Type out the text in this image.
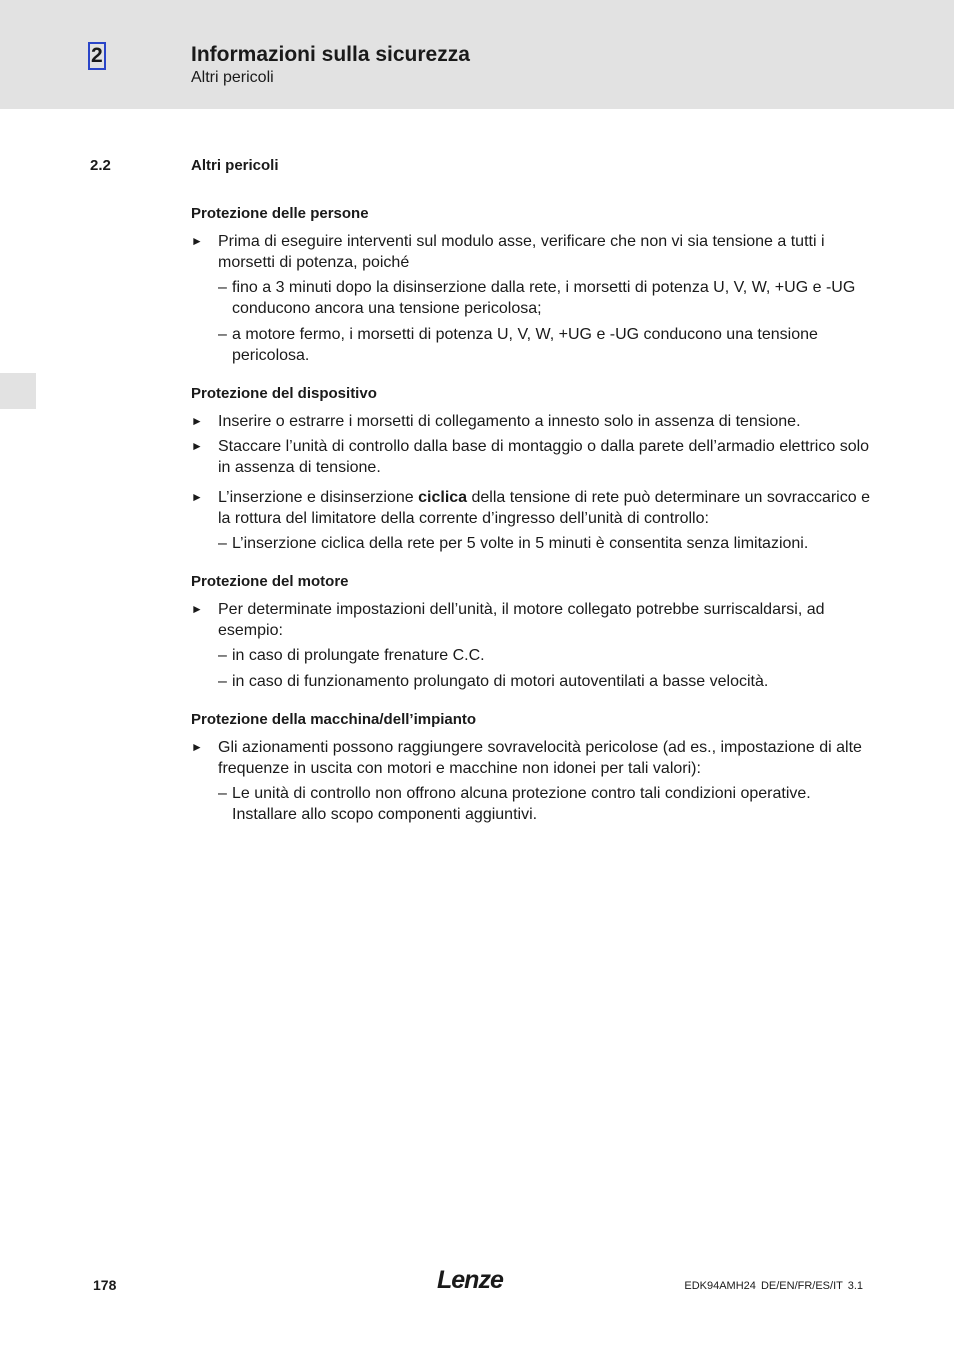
2	Informazioni sulla sicurezza
Altri pericoli
2.2	Altri pericoli
Protezione delle persone
► Prima di eseguire interventi sul modulo asse, verificare che non vi sia tensione a tutti i morsetti di potenza, poiché
– fino a 3 minuti dopo la disinserzione dalla rete, i morsetti di potenza U, V, W, +UG e -UG conducono ancora una tensione pericolosa;
– a motore fermo, i morsetti di potenza U, V, W, +UG e -UG conducono una tensione pericolosa.
Protezione del dispositivo
► Inserire o estrarre i morsetti di collegamento a innesto solo in assenza di tensione.
► Staccare l’unità di controllo dalla base di montaggio o dalla parete dell’armadio elettrico solo in assenza di tensione.
► L’inserzione e disinserzione ciclica della tensione di rete può determinare un sovraccarico e la rottura del limitatore della corrente d’ingresso dell’unità di controllo:
– L’inserzione ciclica della rete per 5 volte in 5 minuti è consentita senza limitazioni.
Protezione del motore
► Per determinate impostazioni dell’unità, il motore collegato potrebbe surriscaldarsi, ad esempio:
– in caso di prolungate frenature C.C.
– in caso di funzionamento prolungato di motori autoventilati a basse velocità.
Protezione della macchina/dell’impianto
► Gli azionamenti possono raggiungere sovravelocità pericolose (ad es., impostazione di alte frequenze in uscita con motori e macchine non idonei per tali valori):
– Le unità di controllo non offrono alcuna protezione contro tali condizioni operative. Installare allo scopo componenti aggiuntivi.
178	Lenze	EDK94AMH24 DE/EN/FR/ES/IT 3.1
